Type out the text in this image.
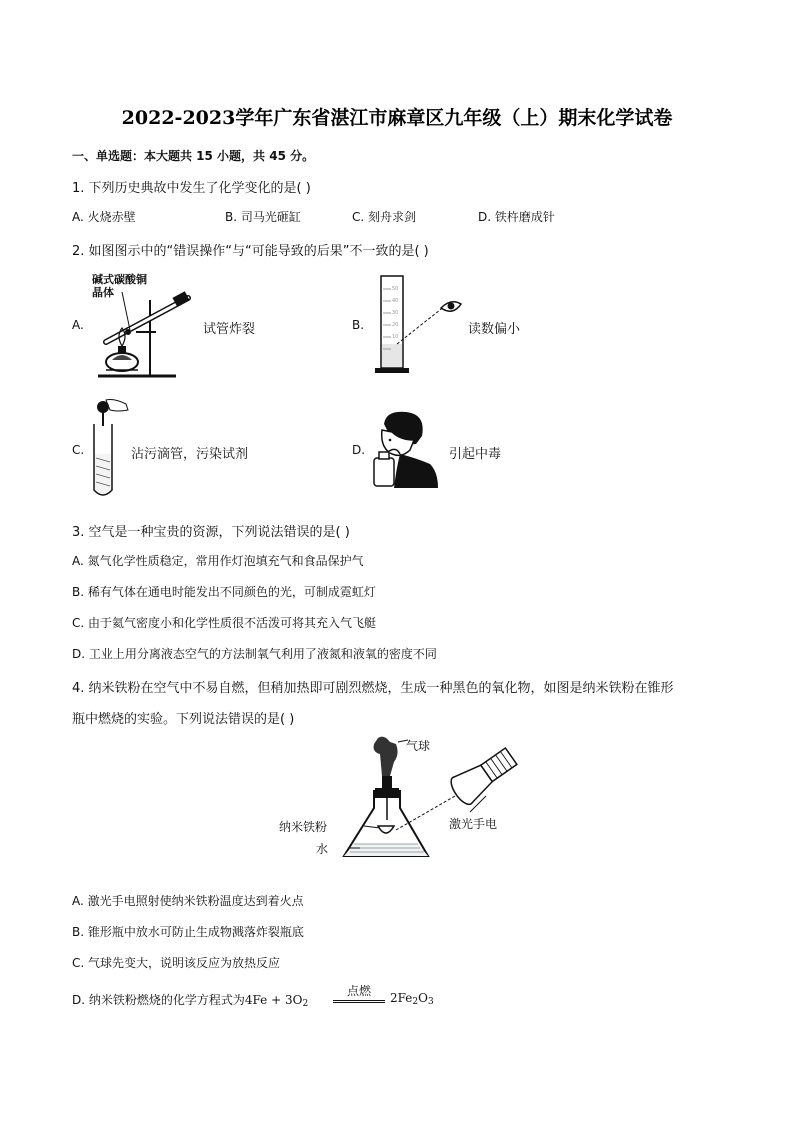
2022-2023学年广东省湛江市麻章区九年级（上）期末化学试卷
一、单选题：本大题共 15 小题，共 45 分。
1. 下列历史典故中发生了化学变化的是( )
A. 火烧赤壁	B. 司马光砸缸	C. 刻舟求剑	D. 铁杵磨成针
2. 如图图示中的“错误操作“与“可能导致的后果”不一致的是( )
A.	试管炸裂	B.	读数偏小
C.	沾污滴管，污染试剂	D.	引起中毒
碱式碳酸铜晶体	50
40
30
20
10
3. 空气是一种宝贵的资源，下列说法错误的是( )
A. 氮气化学性质稳定，常用作灯泡填充气和食品保护气
B. 稀有气体在通电时能发出不同颜色的光，可制成霓虹灯
C. 由于氦气密度小和化学性质很不活泼可将其充入气飞艇
D. 工业上用分离液态空气的方法制氧气利用了液氮和液氧的密度不同
4. 纳米铁粉在空气中不易自燃，但稍加热即可剧烈燃烧，生成一种黑色的氧化物，如图是纳米铁粉在锥形
瓶中燃烧的实验。下列说法错误的是( )
气球
纳米铁粉
水
激光手电
A. 激光手电照射使纳米铁粉温度达到着火点
B. 锥形瓶中放水可防止生成物溅落炸裂瓶底
C. 气球先变大，说明该反应为放热反应
D. 纳米铁粉燃烧的化学方程式为$4Fe + 3O_2$
点燃	$2Fe_2O_3$
